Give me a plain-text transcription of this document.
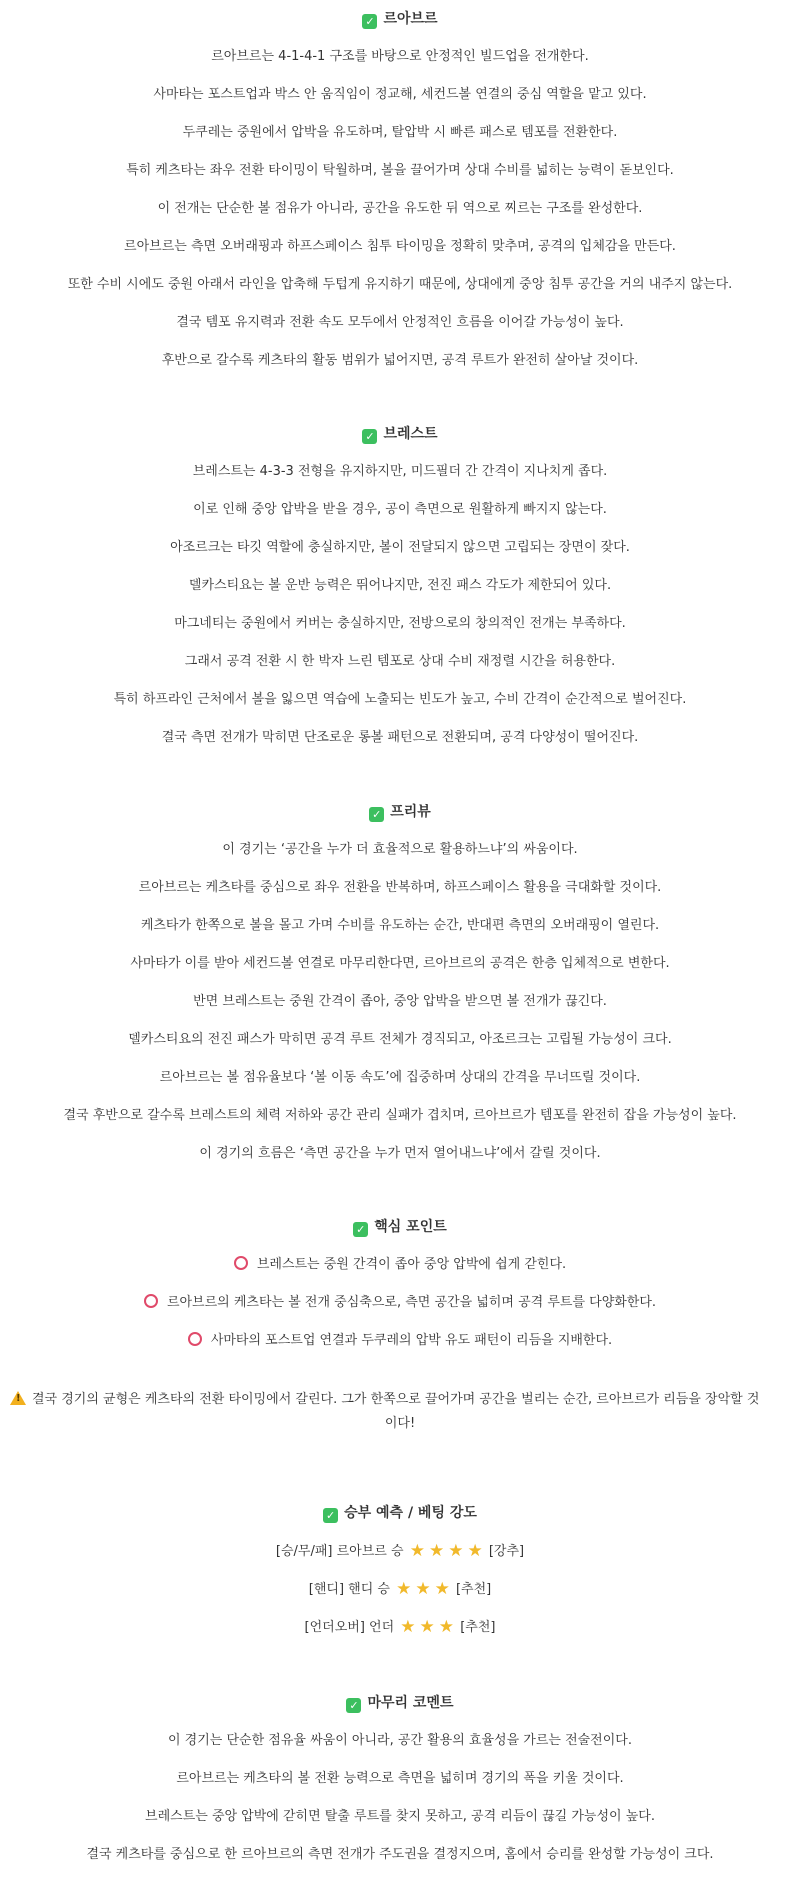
✓ 르아브르
르아브르는 4-1-4-1 구조를 바탕으로 안정적인 빌드업을 전개한다.
사마타는 포스트업과 박스 안 움직임이 정교해, 세컨드볼 연결의 중심 역할을 맡고 있다.
두쿠레는 중원에서 압박을 유도하며, 탈압박 시 빠른 패스로 템포를 전환한다.
특히 케츠타는 좌우 전환 타이밍이 탁월하며, 볼을 끌어가며 상대 수비를 넓히는 능력이 돋보인다.
이 전개는 단순한 볼 점유가 아니라, 공간을 유도한 뒤 역으로 찌르는 구조를 완성한다.
르아브르는 측면 오버래핑과 하프스페이스 침투 타이밍을 정확히 맞추며, 공격의 입체감을 만든다.
또한 수비 시에도 중원 아래서 라인을 압축해 두텁게 유지하기 때문에, 상대에게 중앙 침투 공간을 거의 내주지 않는다.
결국 템포 유지력과 전환 속도 모두에서 안정적인 흐름을 이어갈 가능성이 높다.
후반으로 갈수록 케츠타의 활동 범위가 넓어지면, 공격 루트가 완전히 살아날 것이다.
✓ 브레스트
브레스트는 4-3-3 전형을 유지하지만, 미드필더 간 간격이 지나치게 좁다.
이로 인해 중앙 압박을 받을 경우, 공이 측면으로 원활하게 빠지지 않는다.
아조르크는 타깃 역할에 충실하지만, 볼이 전달되지 않으면 고립되는 장면이 잦다.
델카스티요는 볼 운반 능력은 뛰어나지만, 전진 패스 각도가 제한되어 있다.
마그네티는 중원에서 커버는 충실하지만, 전방으로의 창의적인 전개는 부족하다.
그래서 공격 전환 시 한 박자 느린 템포로 상대 수비 재정렬 시간을 허용한다.
특히 하프라인 근처에서 볼을 잃으면 역습에 노출되는 빈도가 높고, 수비 간격이 순간적으로 벌어진다.
결국 측면 전개가 막히면 단조로운 롱볼 패턴으로 전환되며, 공격 다양성이 떨어진다.
✓ 프리뷰
이 경기는 ‘공간을 누가 더 효율적으로 활용하느냐’의 싸움이다.
르아브르는 케츠타를 중심으로 좌우 전환을 반복하며, 하프스페이스 활용을 극대화할 것이다.
케츠타가 한쪽으로 볼을 몰고 가며 수비를 유도하는 순간, 반대편 측면의 오버래핑이 열린다.
사마타가 이를 받아 세컨드볼 연결로 마무리한다면, 르아브르의 공격은 한층 입체적으로 변한다.
반면 브레스트는 중원 간격이 좁아, 중앙 압박을 받으면 볼 전개가 끊긴다.
델카스티요의 전진 패스가 막히면 공격 루트 전체가 경직되고, 아조르크는 고립될 가능성이 크다.
르아브르는 볼 점유율보다 ‘볼 이동 속도’에 집중하며 상대의 간격을 무너뜨릴 것이다.
결국 후반으로 갈수록 브레스트의 체력 저하와 공간 관리 실패가 겹치며, 르아브르가 템포를 완전히 잡을 가능성이 높다.
이 경기의 흐름은 ‘측면 공간을 누가 먼저 열어내느냐’에서 갈릴 것이다.
✓ 핵심 포인트
브레스트는 중원 간격이 좁아 중앙 압박에 쉽게 갇힌다.
르아브르의 케츠타는 볼 전개 중심축으로, 측면 공간을 넓히며 공격 루트를 다양화한다.
사마타의 포스트업 연결과 두쿠레의 압박 유도 패턴이 리듬을 지배한다.
!결국 경기의 균형은 케츠타의 전환 타이밍에서 갈린다. 그가 한쪽으로 끌어가며 공간을 벌리는 순간, 르아브르가 리듬을 장악할 것
이다!
✓ 승부 예측 / 베팅 강도
[승/무/패] 르아브르 승 ★ ★ ★ ★ [강추]
[핸디] 핸디 승 ★ ★ ★ [추천]
[언더오버] 언더 ★ ★ ★ [추천]
✓ 마무리 코멘트
이 경기는 단순한 점유율 싸움이 아니라, 공간 활용의 효율성을 가르는 전술전이다.
르아브르는 케츠타의 볼 전환 능력으로 측면을 넓히며 경기의 폭을 키울 것이다.
브레스트는 중앙 압박에 갇히면 탈출 루트를 찾지 못하고, 공격 리듬이 끊길 가능성이 높다.
결국 케츠타를 중심으로 한 르아브르의 측면 전개가 주도권을 결정지으며, 홈에서 승리를 완성할 가능성이 크다.
